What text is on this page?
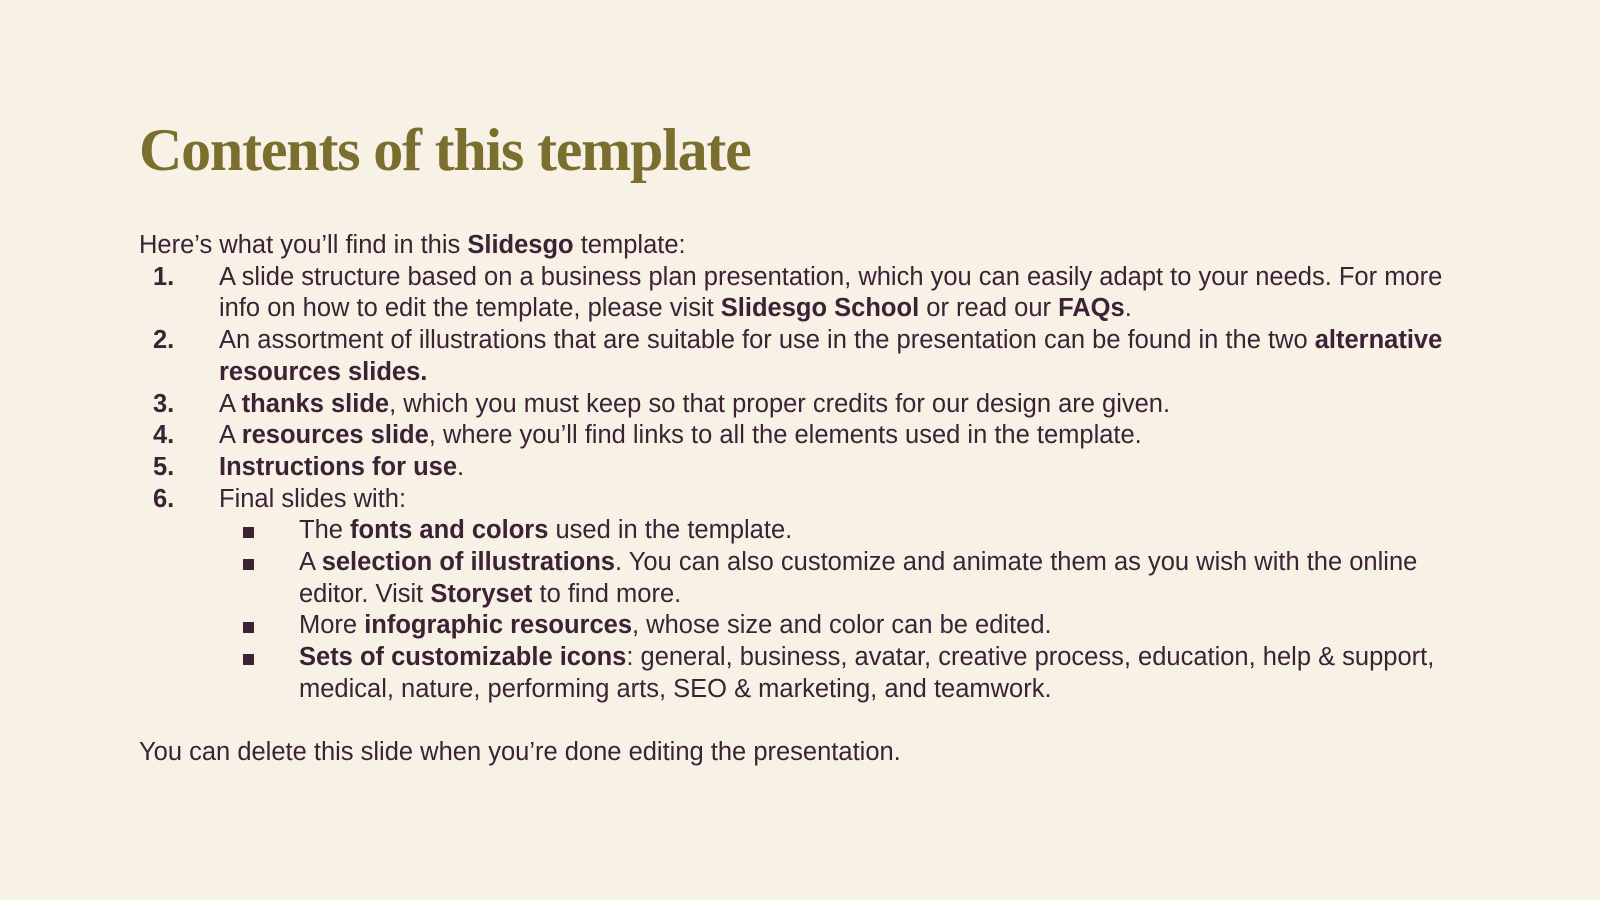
Contents of this template

Here’s what you’ll find in this Slidesgo template:

1. A slide structure based on a business plan presentation, which you can easily adapt to your needs. For more info on how to edit the template, please visit Slidesgo School or read our FAQs.
2. An assortment of illustrations that are suitable for use in the presentation can be found in the two alternative resources slides.
3. A thanks slide, which you must keep so that proper credits for our design are given.
4. A resources slide, where you’ll find links to all the elements used in the template.
5. Instructions for use.
6. Final slides with:
The fonts and colors used in the template.
A selection of illustrations. You can also customize and animate them as you wish with the online editor. Visit Storyset to find more.
More infographic resources, whose size and color can be edited.
Sets of customizable icons: general, business, avatar, creative process, education, help & support, medical, nature, performing arts, SEO & marketing, and teamwork.

You can delete this slide when you’re done editing the presentation.
